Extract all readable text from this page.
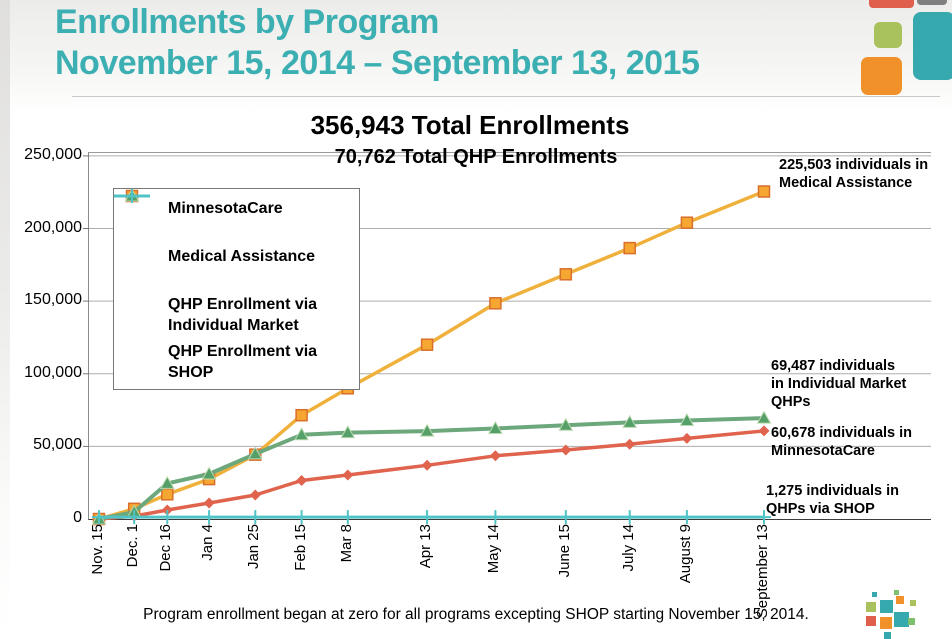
Enrollments by Program
November 15, 2014 – September 13, 2015
356,943 Total Enrollments
70,762 Total QHP Enrollments
MinnesotaCare
Medical Assistance
QHP Enrollment via Individual Market
QHP Enrollment via SHOP
0
50,000
100,000
150,000
200,000
250,000
Nov. 15 Dec. 1 Dec 16 Jan 4 Jan 25 Feb 15 Mar 8	Apr 13	May 14	June 15	July 14	August 9	September 13
225,503 individuals in Medical Assistance
69,487 individuals in Individual Market QHPs
60,678 individuals in MinnesotaCare
1,275 individuals in QHPs via SHOP
Program enrollment began at zero for all programs excepting SHOP starting November 15, 2014.
